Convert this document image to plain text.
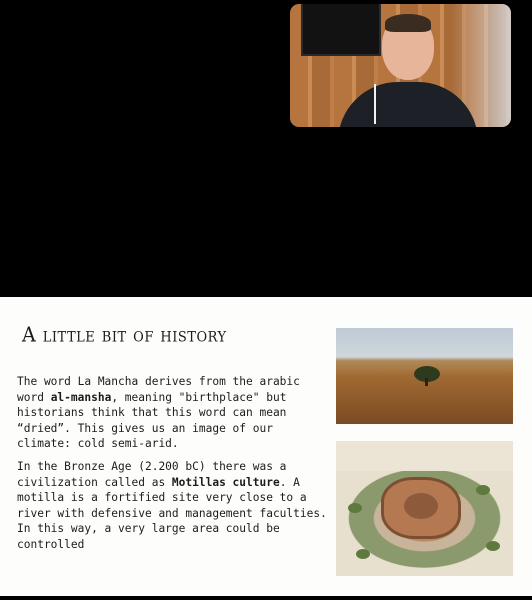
A little bit of history
The word La Mancha derives from the arabic word al-mansha, meaning "birthplace" but historians think that this word can mean “dried”. This gives us an image of our climate: cold semi-arid.
In the Bronze Age (2.200 bC) there was a civilization called as Motillas culture. A motilla is a fortified site very close to a river with defensive and management faculties. In this way, a very large area could be controlled
